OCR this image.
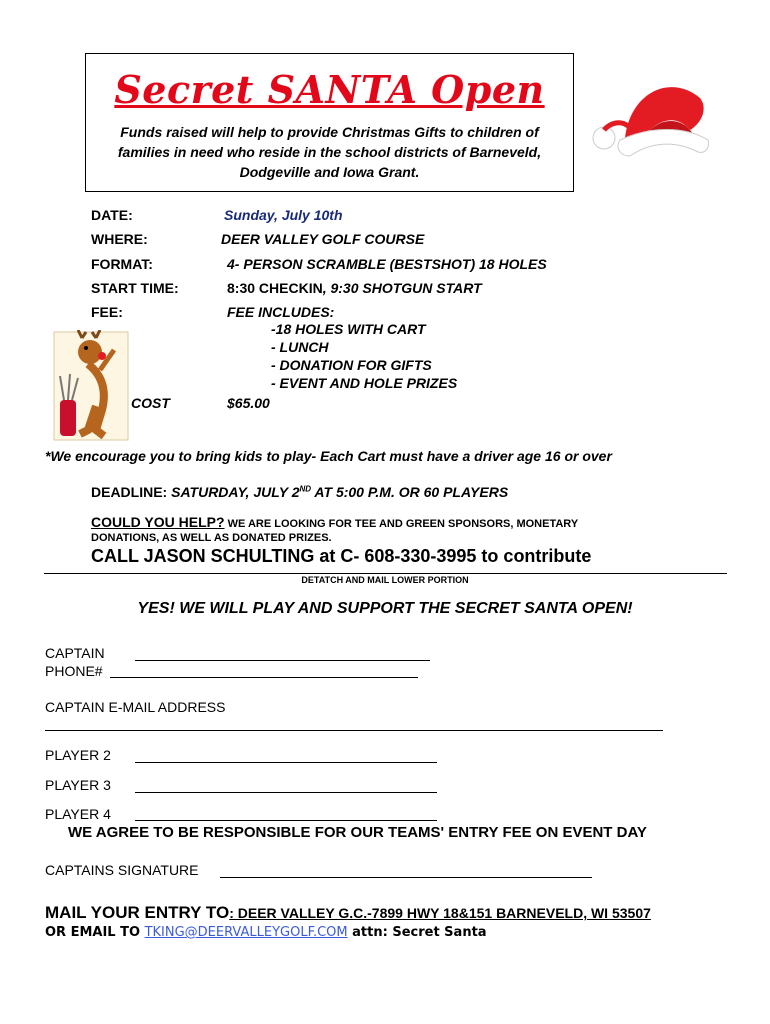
Secret SANTA Open
Funds raised will help to provide Christmas Gifts to children of families in need who reside in the school districts of Barneveld, Dodgeville and Iowa Grant.
DATE:	Sunday, July 10th
WHERE:	DEER VALLEY GOLF COURSE
FORMAT:	4- PERSON SCRAMBLE (BESTSHOT) 18 HOLES
START TIME:	8:30 CHECKIN, 9:30 SHOTGUN START
FEE:	FEE INCLUDES:
-18 HOLES WITH CART
- LUNCH
- DONATION FOR GIFTS
- EVENT AND HOLE PRIZES
COST	$65.00
*We encourage you to bring kids to play- Each Cart must have a driver age 16 or over
DEADLINE: SATURDAY, JULY 2ND AT 5:00 P.M. OR 60 PLAYERS
COULD YOU HELP? WE ARE LOOKING FOR TEE AND GREEN SPONSORS, MONETARY
DONATIONS, AS WELL AS DONATED PRIZES.
CALL JASON SCHULTING at C- 608-330-3995 to contribute
DETATCH AND MAIL LOWER PORTION
YES! WE WILL PLAY AND SUPPORT THE SECRET SANTA OPEN!
CAPTAIN
PHONE#
CAPTAIN E-MAIL ADDRESS
PLAYER 2
PLAYER 3
PLAYER 4
WE AGREE TO BE RESPONSIBLE FOR OUR TEAMS' ENTRY FEE ON EVENT DAY
CAPTAINS SIGNATURE
MAIL YOUR ENTRY TO: DEER VALLEY G.C.-7899 HWY 18&151 BARNEVELD, WI 53507
OR EMAIL TO TKING@DEERVALLEYGOLF.COM attn: Secret Santa
